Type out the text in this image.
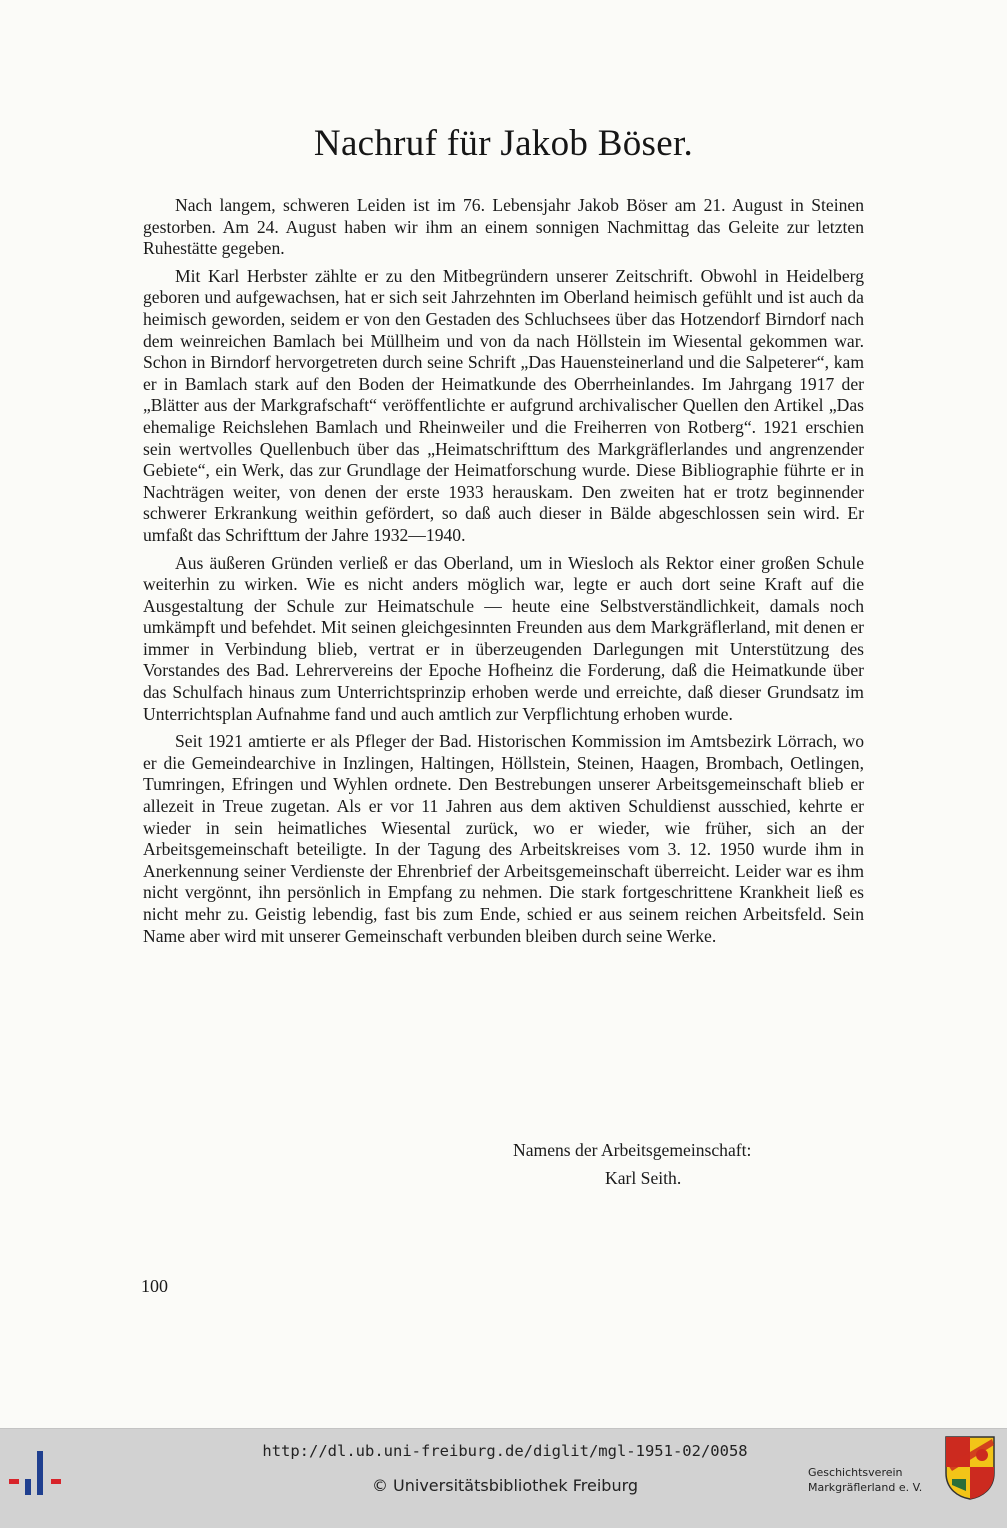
Nachruf für Jakob Böser.

Nach langem, schweren Leiden ist im 76. Lebensjahr Jakob Böser am 21. August in Steinen gestorben. Am 24. August haben wir ihm an einem sonnigen Nachmittag das Geleite zur letzten Ruhestätte gegeben.

Mit Karl Herbster zählte er zu den Mitbegründern unserer Zeitschrift. Obwohl in Heidelberg geboren und aufgewachsen, hat er sich seit Jahrzehnten im Oberland heimisch gefühlt und ist auch da heimisch geworden, seidem er von den Gestaden des Schluchsees über das Hotzendorf Birndorf nach dem weinreichen Bamlach bei Müllheim und von da nach Höllstein im Wiesental gekommen war. Schon in Birndorf hervorgetreten durch seine Schrift „Das Hauensteinerland und die Salpeterer“, kam er in Bamlach stark auf den Boden der Heimatkunde des Oberrheinlandes. Im Jahrgang 1917 der „Blätter aus der Markgrafschaft“ veröffentlichte er aufgrund archivalischer Quellen den Artikel „Das ehemalige Reichslehen Bamlach und Rheinweiler und die Freiherren von Rotberg“. 1921 erschien sein wertvolles Quellenbuch über das „Heimatschrifttum des Markgräflerlandes und angrenzender Gebiete“, ein Werk, das zur Grundlage der Heimatforschung wurde. Diese Bibliographie führte er in Nachträgen weiter, von denen der erste 1933 herauskam. Den zweiten hat er trotz beginnender schwerer Erkrankung weithin gefördert, so daß auch dieser in Bälde abgeschlossen sein wird. Er umfaßt das Schrifttum der Jahre 1932—1940.

Aus äußeren Gründen verließ er das Oberland, um in Wiesloch als Rektor einer großen Schule weiterhin zu wirken. Wie es nicht anders möglich war, legte er auch dort seine Kraft auf die Ausgestaltung der Schule zur Heimatschule — heute eine Selbstverständlichkeit, damals noch umkämpft und befehdet. Mit seinen gleichgesinnten Freunden aus dem Markgräflerland, mit denen er immer in Verbindung blieb, vertrat er in überzeugenden Darlegungen mit Unterstützung des Vorstandes des Bad. Lehrervereins der Epoche Hofheinz die Forderung, daß die Heimatkunde über das Schulfach hinaus zum Unterrichtsprinzip erhoben werde und erreichte, daß dieser Grundsatz im Unterrichtsplan Aufnahme fand und auch amtlich zur Verpflichtung erhoben wurde.

Seit 1921 amtierte er als Pfleger der Bad. Historischen Kommission im Amtsbezirk Lörrach, wo er die Gemeindearchive in Inzlingen, Haltingen, Höllstein, Steinen, Haagen, Brombach, Oetlingen, Tumringen, Efringen und Wyhlen ordnete. Den Bestrebungen unserer Arbeitsgemeinschaft blieb er allezeit in Treue zugetan. Als er vor 11 Jahren aus dem aktiven Schuldienst ausschied, kehrte er wieder in sein heimatliches Wiesental zurück, wo er wieder, wie früher, sich an der Arbeitsgemeinschaft beteiligte. In der Tagung des Arbeitskreises vom 3. 12. 1950 wurde ihm in Anerkennung seiner Verdienste der Ehrenbrief der Arbeitsgemeinschaft überreicht. Leider war es ihm nicht vergönnt, ihn persönlich in Empfang zu nehmen. Die stark fortgeschrittene Krankheit ließ es nicht mehr zu. Geistig lebendig, fast bis zum Ende, schied er aus seinem reichen Arbeitsfeld. Sein Name aber wird mit unserer Gemeinschaft verbunden bleiben durch seine Werke.

Namens der Arbeitsgemeinschaft:
Karl Seith.
100
http://dl.ub.uni-freiburg.de/diglit/mgl-1951-02/0058
© Universitätsbibliothek Freiburg
Geschichtsverein
Markgräflerland e. V.
